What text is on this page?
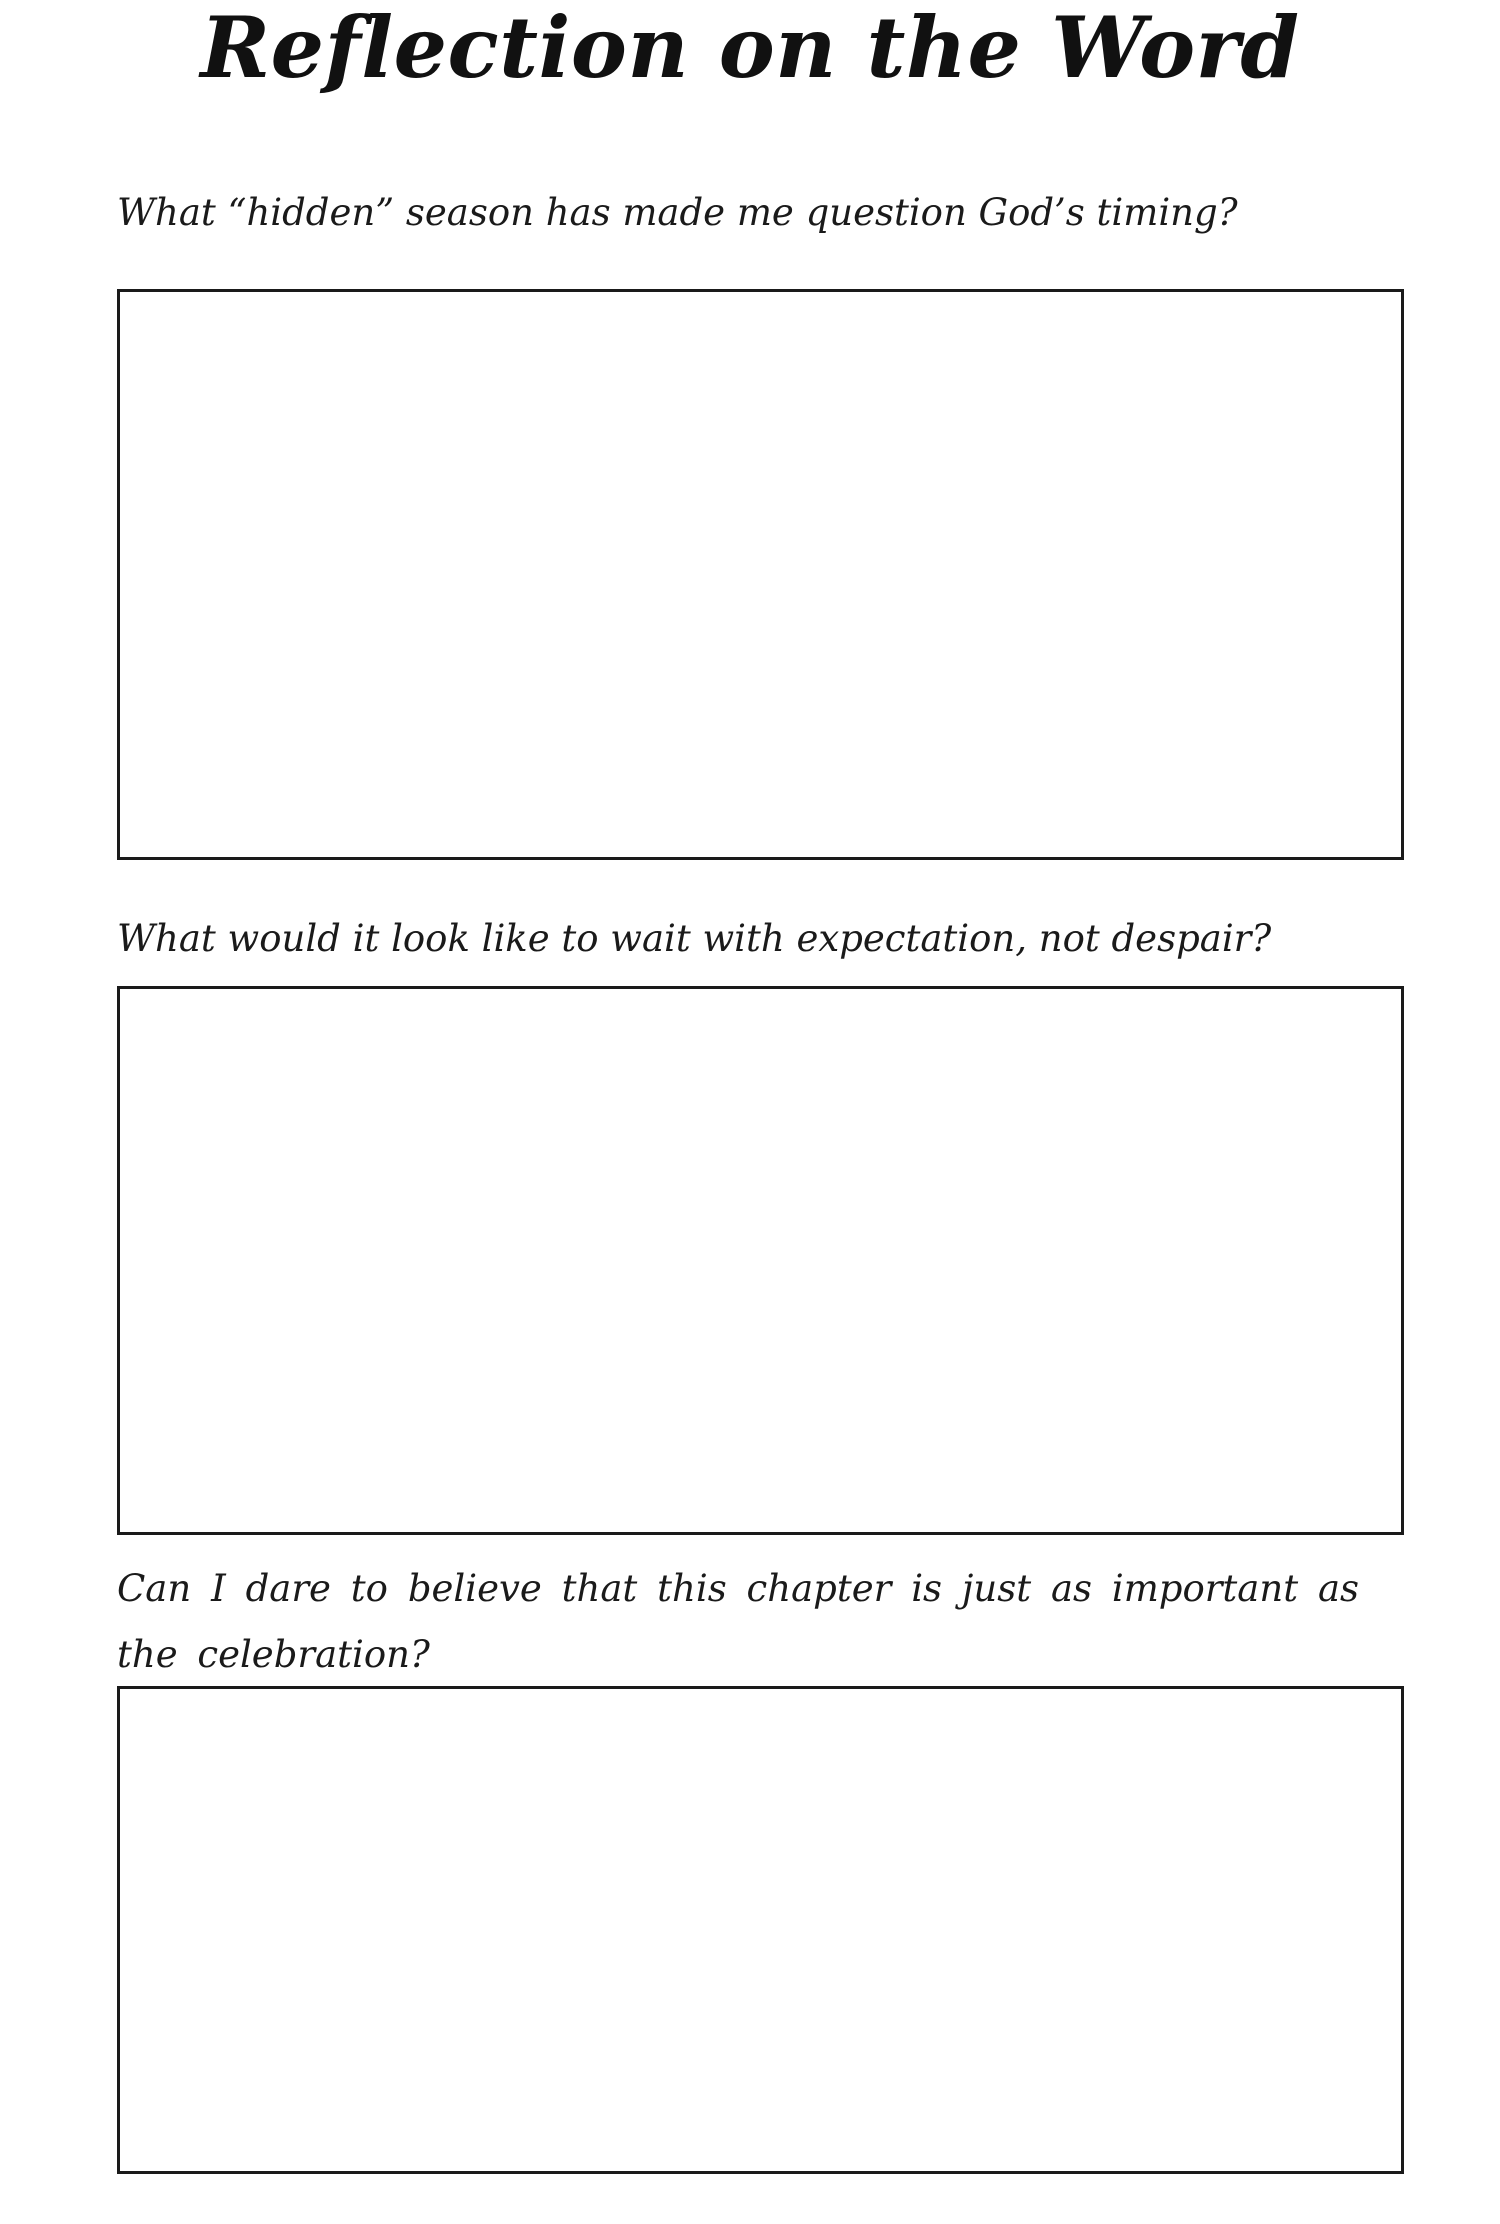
Reflection on the Word

What “hidden” season has made me question God’s timing?

What would it look like to wait with expectation, not despair?

Can I dare to believe that this chapter is just as important as the celebration?
